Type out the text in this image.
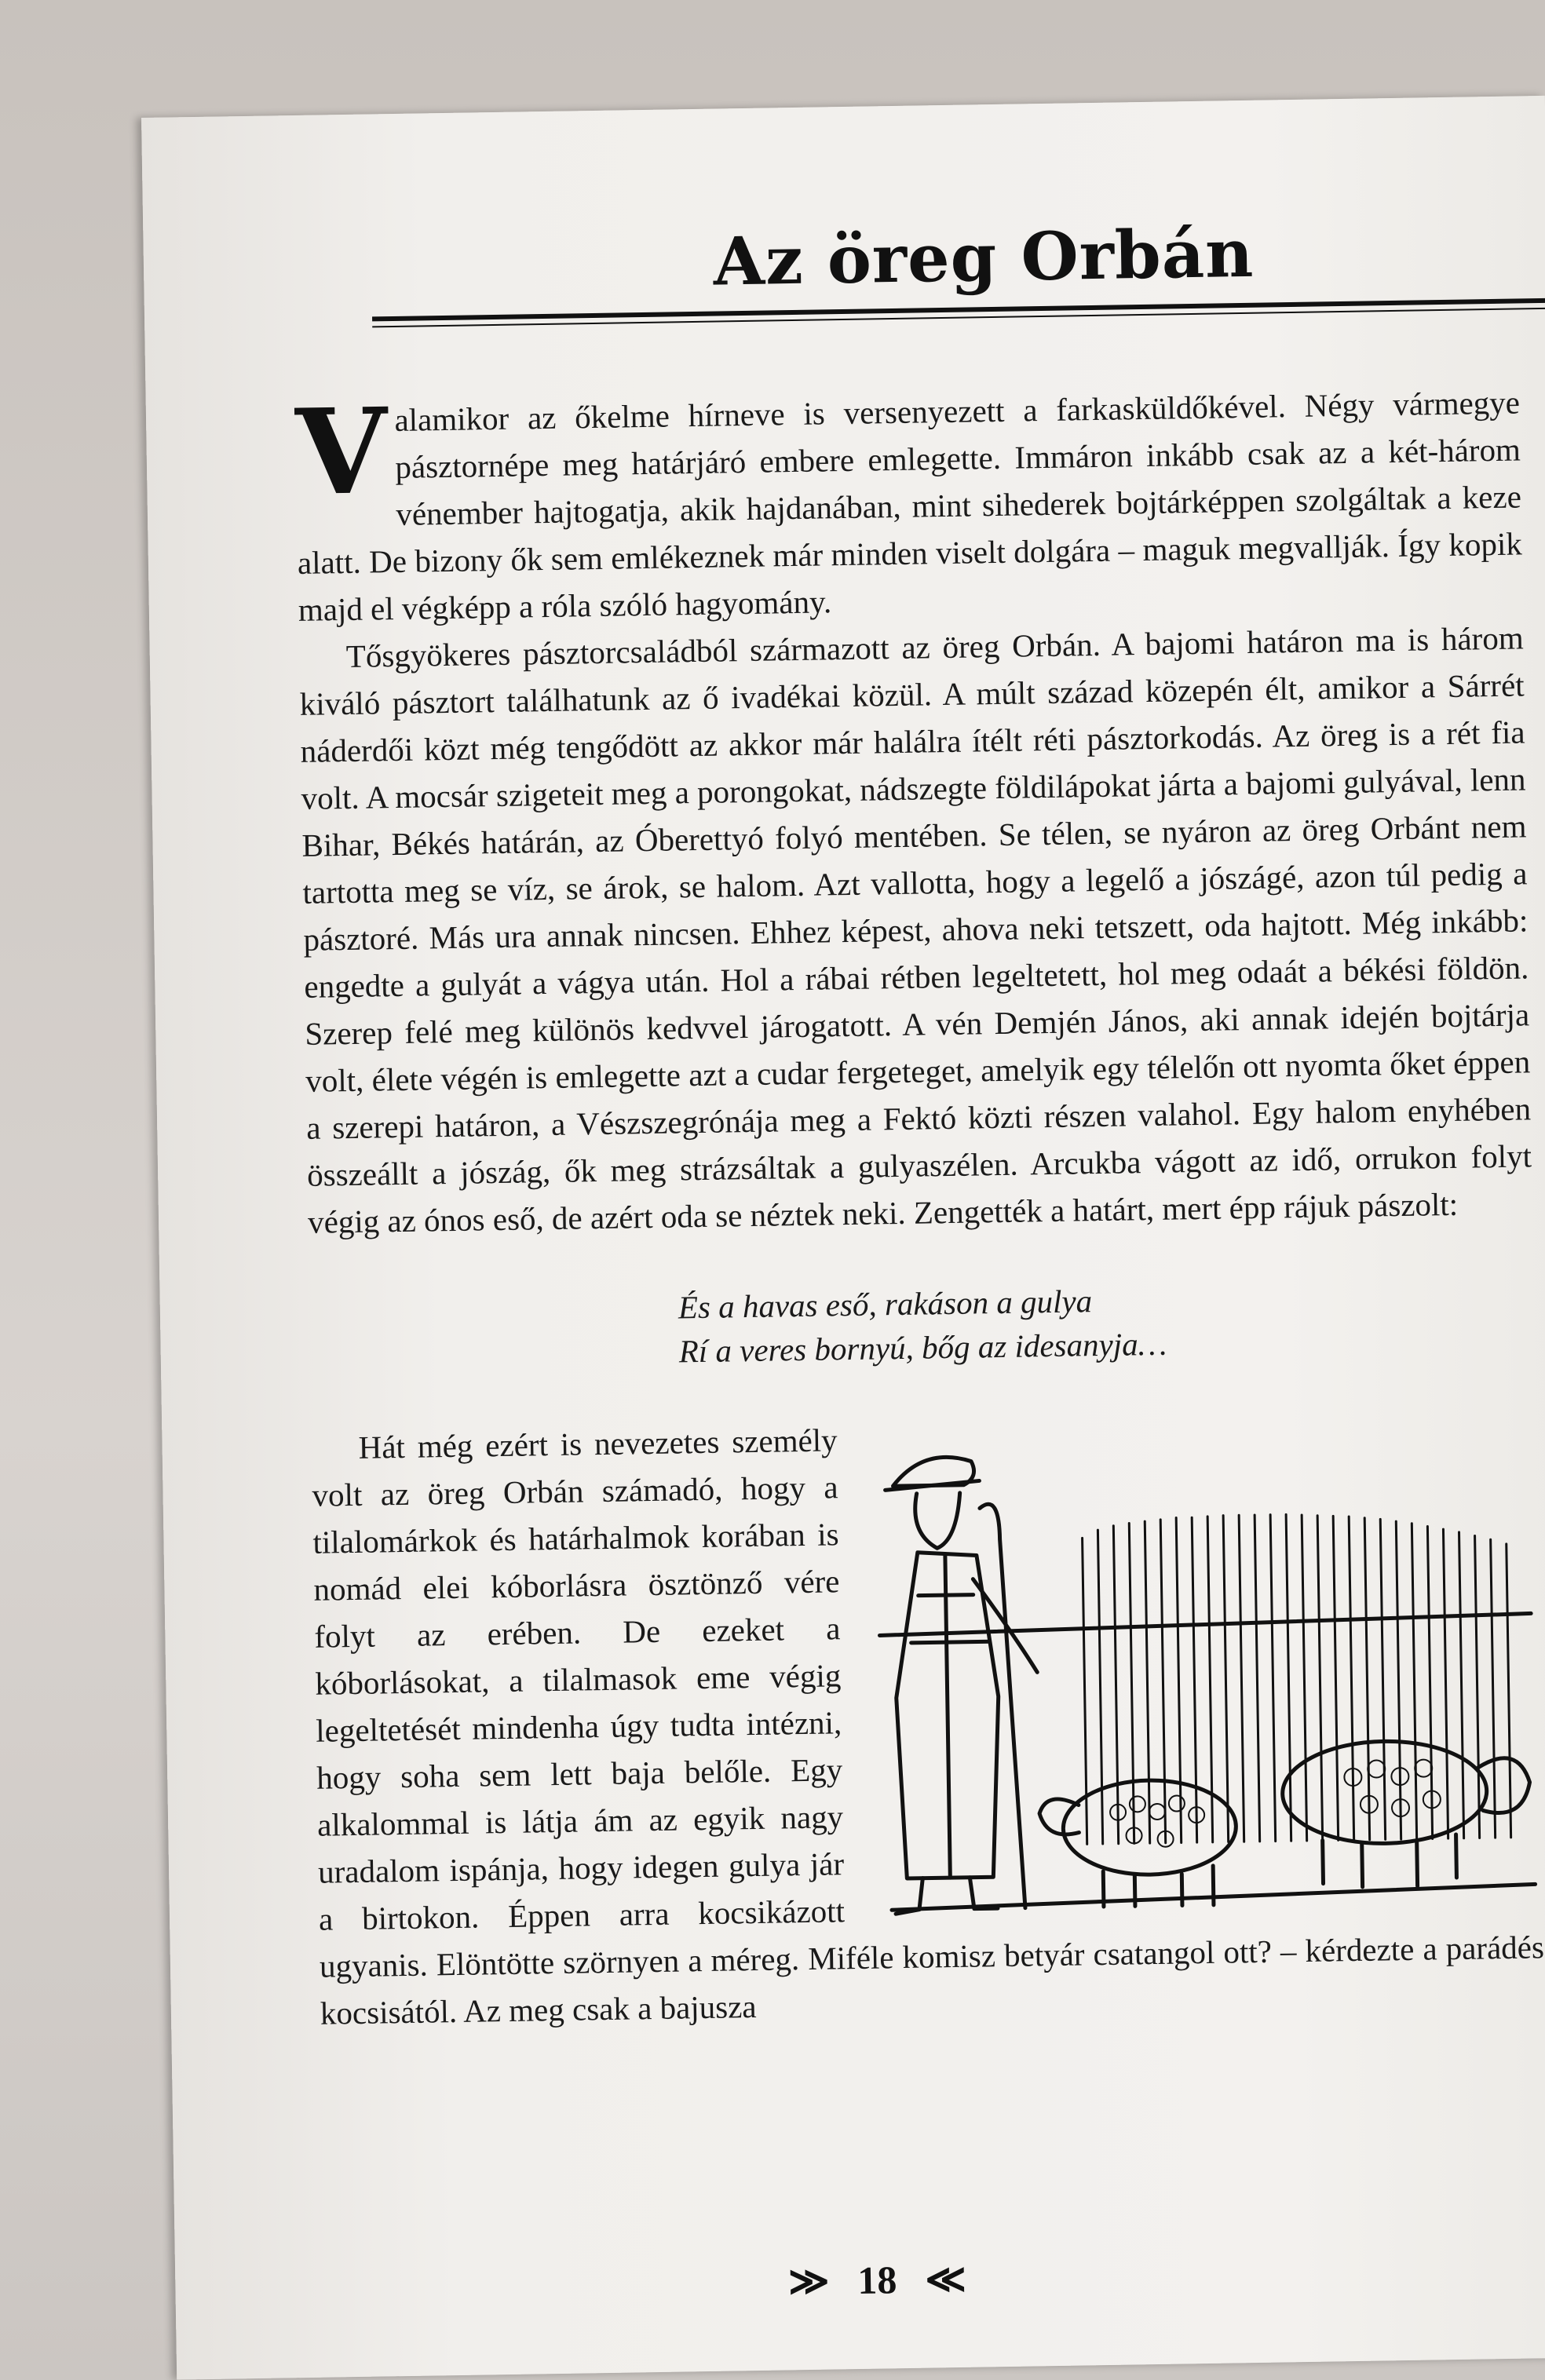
Az öreg Orbán

Valamikor az őkelme hírneve is versenyezett a farkasküldőkével. Négy vármegye pásztornépe meg határjáró embere emlegette. Immáron inkább csak az a két-három vénember hajtogatja, akik hajdanában, mint sihederek bojtárképpen szolgáltak a keze alatt. De bizony ők sem emlékeznek már minden viselt dolgára – maguk megvallják. Így kopik majd el végképp a róla szóló hagyomány.

Tősgyökeres pásztorcsaládból származott az öreg Orbán. A bajomi határon ma is három kiváló pásztort találhatunk az ő ivadékai közül. A múlt század közepén élt, amikor a Sárrét náderdői közt még tengődött az akkor már halálra ítélt réti pásztorkodás. Az öreg is a rét fia volt. A mocsár szigeteit meg a porongokat, nádszegte földilápokat járta a bajomi gulyával, lenn Bihar, Békés határán, az Óberettyó folyó mentében. Se télen, se nyáron az öreg Orbánt nem tartotta meg se víz, se árok, se halom. Azt vallotta, hogy a legelő a jószágé, azon túl pedig a pásztoré. Más ura annak nincsen. Ehhez képest, ahova neki tetszett, oda hajtott. Még inkább: engedte a gulyát a vágya után. Hol a rábai rétben legeltetett, hol meg odaát a békési földön. Szerep felé meg különös kedvvel járogatott. A vén Demjén János, aki annak idején bojtárja volt, élete végén is emlegette azt a cudar fergeteget, amelyik egy télelőn ott nyomta őket éppen a szerepi határon, a Vészszegrónája meg a Fektó közti részen valahol. Egy halom enyhében összeállt a jószág, ők meg strázsáltak a gulyaszélen. Arcukba vágott az idő, orrukon folyt végig az ónos eső, de azért oda se néztek neki. Zengették a határt, mert épp rájuk pászolt:

És a havas eső, rakáson a gulya
Rí a veres bornyú, bőg az idesanyja…

Hát még ezért is nevezetes személy volt az öreg Orbán számadó, hogy a tilalomárkok és határhalmok korában is nomád elei kóborlásra ösztönző vére folyt az erében. De ezeket a kóborlásokat, a tilalmasok eme végig legeltetését mindenha úgy tudta intézni, hogy soha sem lett baja belőle. Egy alkalommal is látja ám az egyik nagy uradalom ispánja, hogy idegen gulya jár a birtokon. Éppen arra kocsikázott ugyanis. Elöntötte szörnyen a méreg. Miféle komisz betyár csatangol ott? – kérdezte a parádés kocsisától. Az meg csak a bajusza

≫ 18 ≪
